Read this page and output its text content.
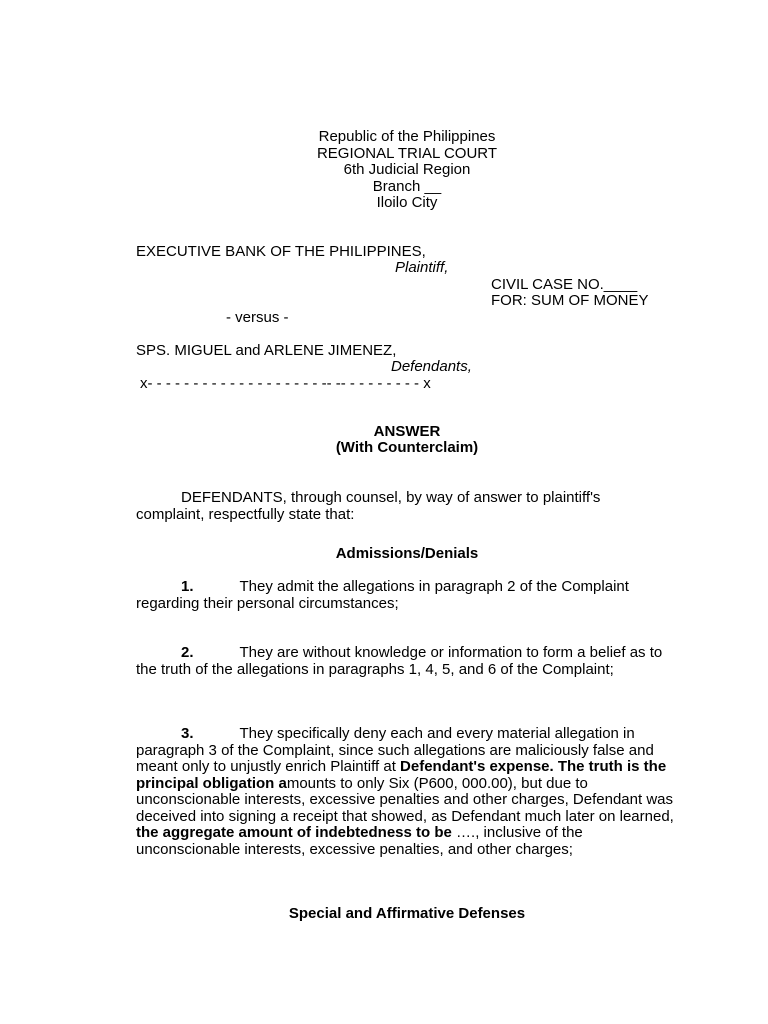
Republic of the Philippines

REGIONAL TRIAL COURT

6th Judicial Region

Branch __

Iloilo City

EXECUTIVE BANK OF THE PHILIPPINES,

Plaintiff,

CIVIL CASE NO.____

FOR: SUM OF MONEY

- versus -

SPS. MIGUEL and ARLENE JIMENEZ,

Defendants,

x- - - - - - - - - - - - - - - - - - - -- -- - - - - - - - - x

ANSWER

(With Counterclaim)

DEFENDANTS, through counsel, by way of answer to plaintiff's
complaint, respectfully state that:

Admissions/Denials

1.	They admit the allegations in paragraph 2 of the Complaint regarding their personal circumstances;

2.	They are without knowledge or information to form a belief as to the truth of the allegations in paragraphs 1, 4, 5, and 6 of the Complaint;

3.	They specifically deny each and every material allegation in paragraph 3 of the Complaint, since such allegations are maliciously false and meant only to unjustly enrich Plaintiff at Defendant's expense. The truth is the principal obligation amounts to only Six (P600, 000.00), but due to unconscionable interests, excessive penalties and other charges, Defendant was deceived into signing a receipt that showed, as Defendant much later on learned, the aggregate amount of indebtedness to be …., inclusive of the unconscionable interests, excessive penalties, and other charges;

Special and Affirmative Defenses
